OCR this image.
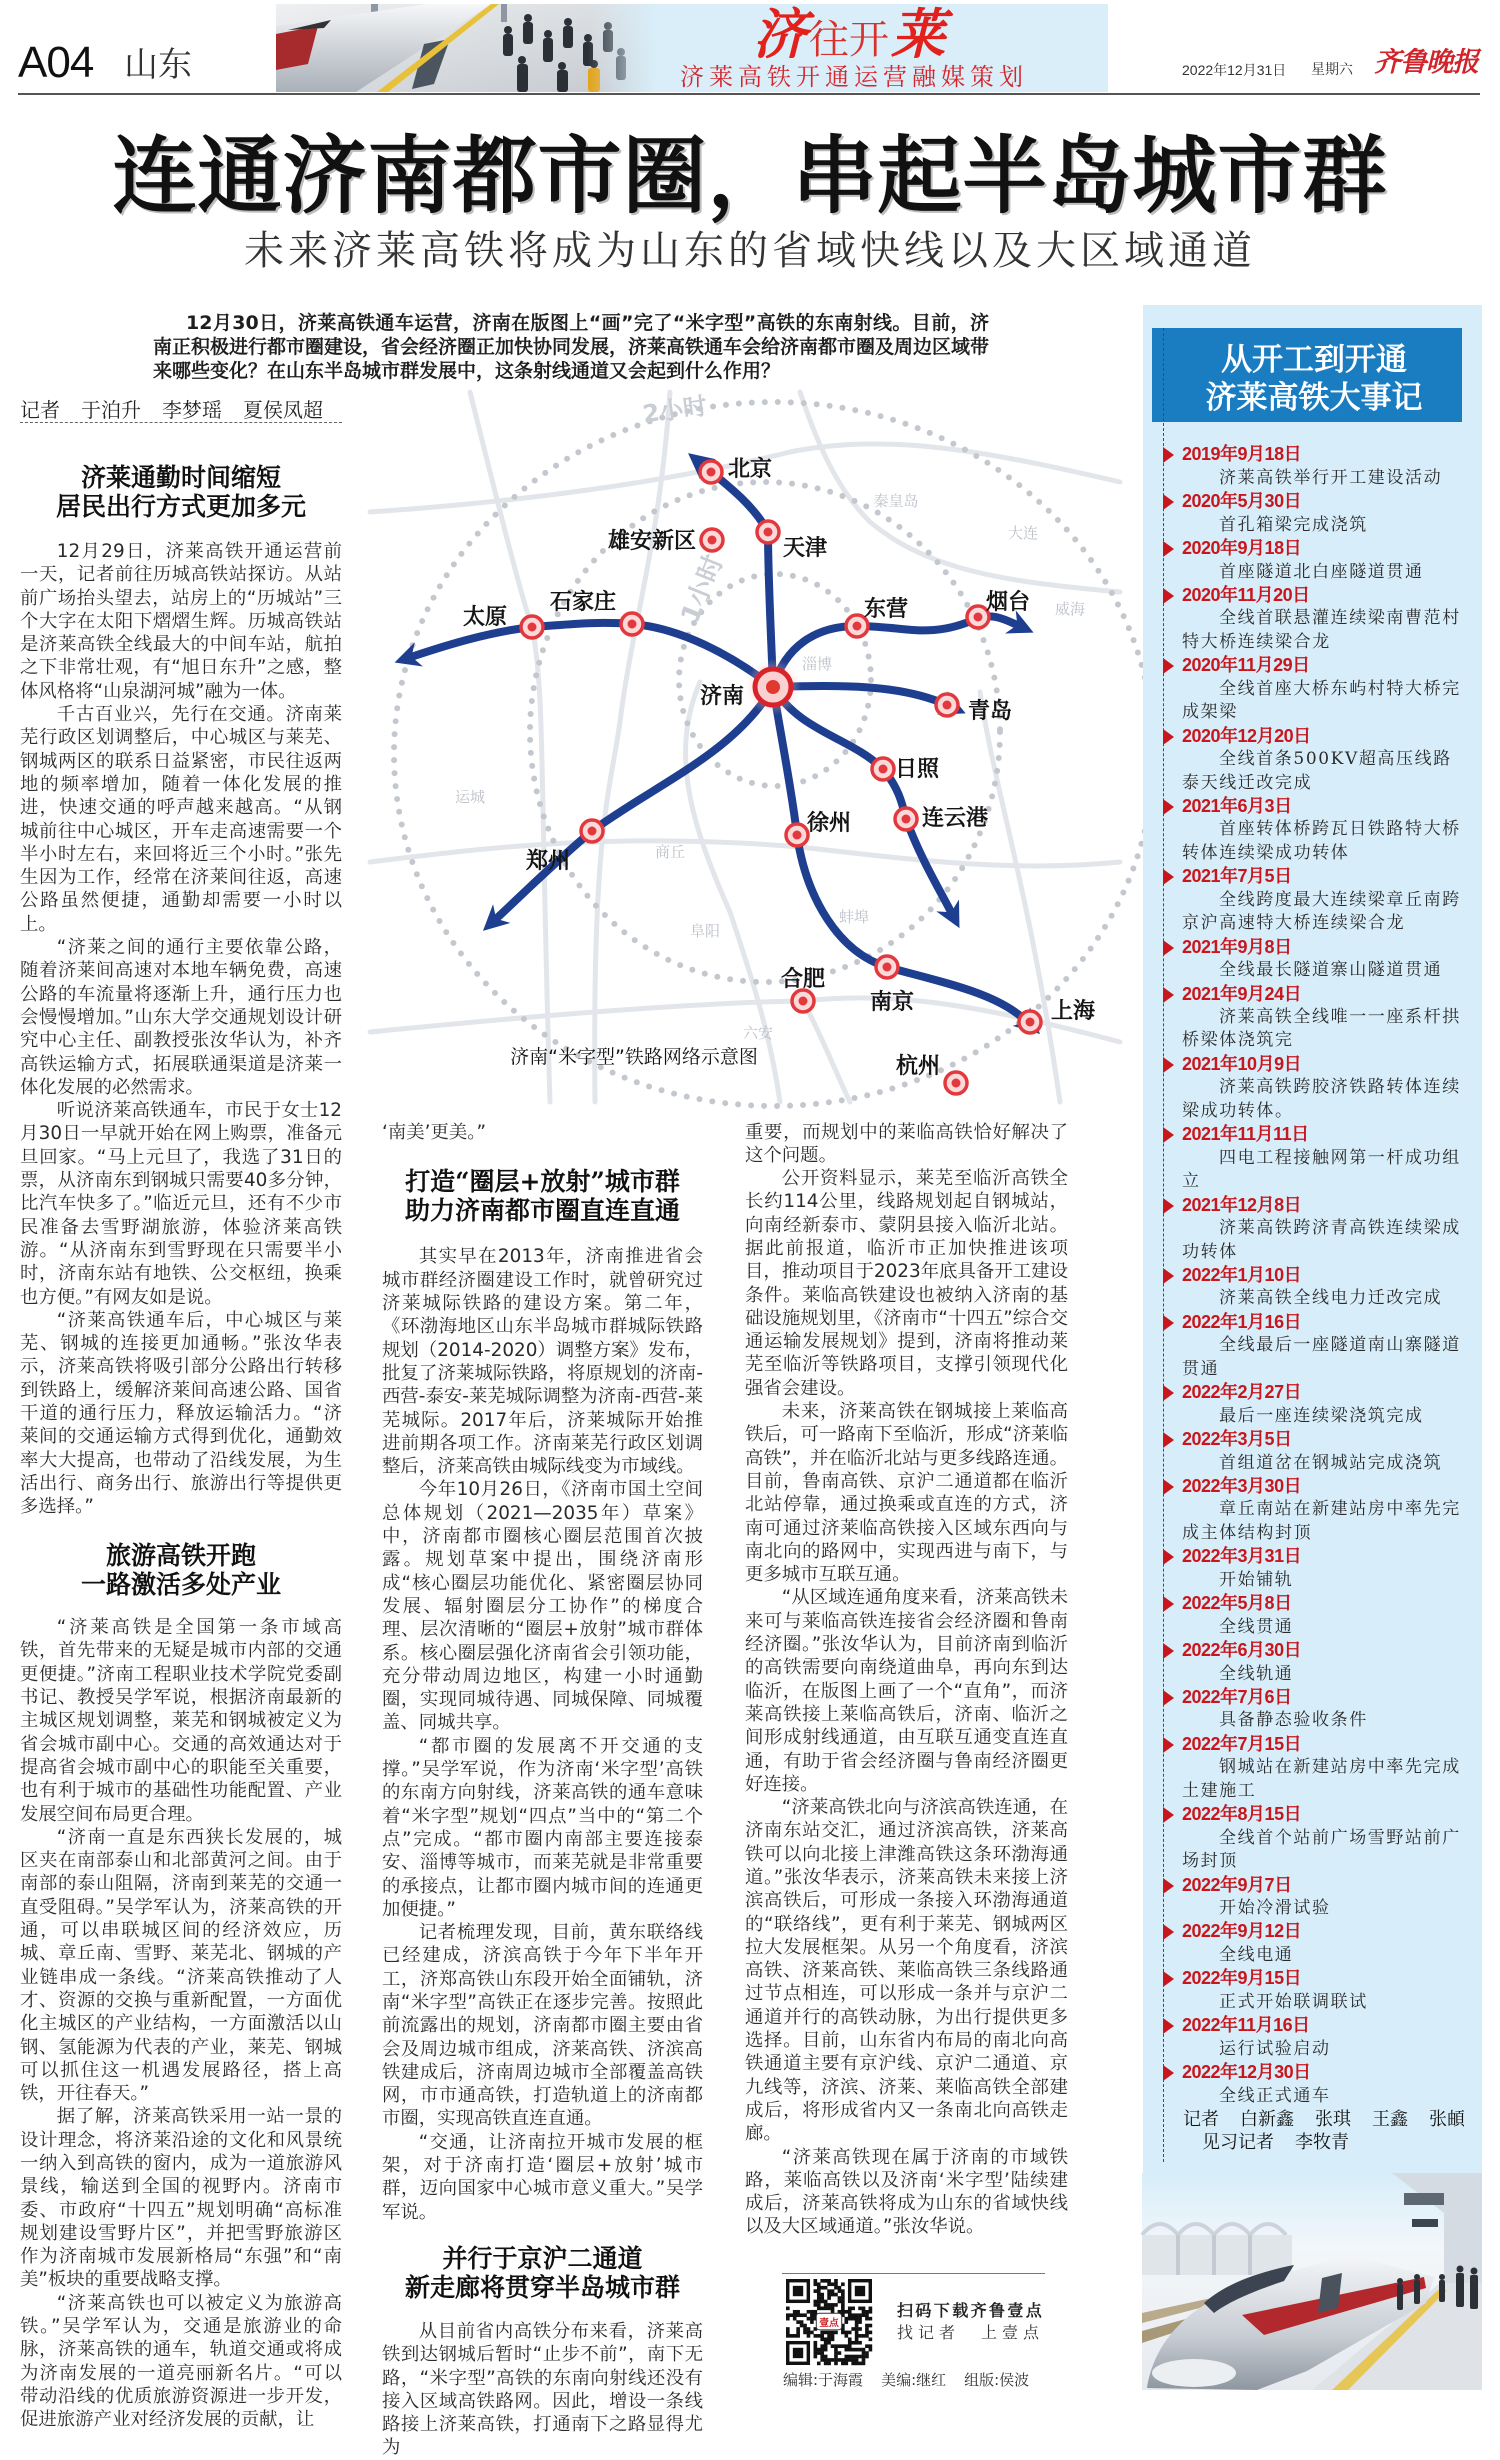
A04 山东	济往开莱
济莱高铁开通运营融媒策划	2022年12月31日 星期六 齐鲁晚报
连通济南都市圈，串起半岛城市群
未来济莱高铁将成为山东的省域快线以及大区域通道

12月30日，济莱高铁通车运营，济南在版图上“画”完了“米字型”高铁的东南射线。目前，济南正积极进行都市圈建设，省会经济圈正加快协同发展，济莱高铁通车会给济南都市圈及周边区域带来哪些变化？在山东半岛城市群发展中，这条射线通道又会起到什么作用？

1小时
2小时
秦皇岛
大连
威海
淄博
商丘
蚌埠
阜阳
六安
运城
北京
天津
雄安新区
石家庄
太原	东营	烟台
济南
青岛
日照
连云港
徐州
郑州
合肥
南京	上海
杭州
济南“米字型”铁路网络示意图
记者 于泊升 李梦瑶 夏侯凤超
济莱通勤时间缩短
居民出行方式更加多元

12月29日，济莱高铁开通运营前一天，记者前往历城高铁站探访。从站前广场抬头望去，站房上的“历城站”三个大字在太阳下熠熠生辉。历城高铁站是济莱高铁全线最大的中间车站，航拍之下非常壮观，有“旭日东升”之感，整体风格将“山泉湖河城”融为一体。

千古百业兴，先行在交通。济南莱芜行政区划调整后，中心城区与莱芜、钢城两区的联系日益紧密，市民往返两地的频率增加，随着一体化发展的推进，快速交通的呼声越来越高。“从钢城前往中心城区，开车走高速需要一个半小时左右，来回将近三个小时。”张先生因为工作，经常在济莱间往返，高速公路虽然便捷，通勤却需要一小时以上。

“济莱之间的通行主要依靠公路，随着济莱间高速对本地车辆免费，高速公路的车流量将逐渐上升，通行压力也会慢慢增加。”山东大学交通规划设计研究中心主任、副教授张汝华认为，补齐高铁运输方式，拓展联通渠道是济莱一体化发展的必然需求。

听说济莱高铁通车，市民于女士12月30日一早就开始在网上购票，准备元旦回家。“马上元旦了，我选了31日的票，从济南东到钢城只需要40多分钟，比汽车快多了。”临近元旦，还有不少市民准备去雪野湖旅游，体验济莱高铁游。“从济南东到雪野现在只需要半小时，济南东站有地铁、公交枢纽，换乘也方便。”有网友如是说。

“济莱高铁通车后，中心城区与莱芜、钢城的连接更加通畅。”张汝华表示，济莱高铁将吸引部分公路出行转移到铁路上，缓解济莱间高速公路、国省干道的通行压力，释放运输活力。“济莱间的交通运输方式得到优化，通勤效率大大提高，也带动了沿线发展，为生活出行、商务出行、旅游出行等提供更多选择。”

旅游高铁开跑
一路激活多处产业

“济莱高铁是全国第一条市域高铁，首先带来的无疑是城市内部的交通更便捷。”济南工程职业技术学院党委副书记、教授吴学军说，根据济南最新的主城区规划调整，莱芜和钢城被定义为省会城市副中心。交通的高效通达对于提高省会城市副中心的职能至关重要，也有利于城市的基础性功能配置、产业发展空间布局更合理。

“济南一直是东西狭长发展的，城区夹在南部泰山和北部黄河之间。由于南部的泰山阻隔，济南到莱芜的交通一直受阻碍。”吴学军认为，济莱高铁的开通，可以串联城区间的经济效应，历城、章丘南、雪野、莱芜北、钢城的产业链串成一条线。“济莱高铁推动了人才、资源的交换与重新配置，一方面优化主城区的产业结构，一方面激活以山钢、氢能源为代表的产业，莱芜、钢城可以抓住这一机遇发展路径，搭上高铁，开往春天。”

据了解，济莱高铁采用一站一景的设计理念，将济莱沿途的文化和风景统一纳入到高铁的窗内，成为一道旅游风景线，输送到全国的视野内。济南市委、市政府“十四五”规划明确“高标准规划建设雪野片区”，并把雪野旅游区作为济南城市发展新格局“东强”和“南美”板块的重要战略支撑。

“济莱高铁也可以被定义为旅游高铁。”吴学军认为，交通是旅游业的命脉，济莱高铁的通车，轨道交通或将成为济南发展的一道亮丽新名片。“可以带动沿线的优质旅游资源进一步开发，促进旅游产业对经济发展的贡献，让

‘南美’更美。”

打造“圈层+放射”城市群
助力济南都市圈直连直通

其实早在2013年，济南推进省会城市群经济圈建设工作时，就曾研究过济莱城际铁路的建设方案。第二年，《环渤海地区山东半岛城市群城际铁路规划（2014-2020）调整方案》发布，批复了济莱城际铁路，将原规划的济南-西营-泰安-莱芜城际调整为济南-西营-莱芜城际。2017年后，济莱城际开始推进前期各项工作。济南莱芜行政区划调整后，济莱高铁由城际线变为市域线。

今年10月26日，《济南市国土空间总体规划（2021—2035年）草案》中，济南都市圈核心圈层范围首次披露。规划草案中提出，围绕济南形成“核心圈层功能优化、紧密圈层协同发展、辐射圈层分工协作”的梯度合理、层次清晰的“圈层+放射”城市群体系。核心圈层强化济南省会引领功能，充分带动周边地区，构建一小时通勤圈，实现同城待遇、同城保障、同城覆盖、同城共享。

“都市圈的发展离不开交通的支撑。”吴学军说，作为济南‘米字型’高铁的东南方向射线，济莱高铁的通车意味着“米字型”规划“四点”当中的“第二个点”完成。“都市圈内南部主要连接泰安、淄博等城市，而莱芜就是非常重要的承接点，让都市圈内城市间的连通更加便捷。”

记者梳理发现，目前，黄东联络线已经建成，济滨高铁于今年下半年开工，济郑高铁山东段开始全面铺轨，济南“米字型”高铁正在逐步完善。按照此前流露出的规划，济南都市圈主要由省会及周边城市组成，济莱高铁、济滨高铁建成后，济南周边城市全部覆盖高铁网，市市通高铁，打造轨道上的济南都市圈，实现高铁直连直通。

“交通，让济南拉开城市发展的框架，对于济南打造‘圈层+放射’城市群，迈向国家中心城市意义重大。”吴学军说。

并行于京沪二通道
新走廊将贯穿半岛城市群

从目前省内高铁分布来看，济莱高铁到达钢城后暂时“止步不前”，南下无路，“米字型”高铁的东南向射线还没有接入区域高铁路网。因此，增设一条线路接上济莱高铁，打通南下之路显得尤为

重要，而规划中的莱临高铁恰好解决了这个问题。

公开资料显示，莱芜至临沂高铁全长约114公里，线路规划起自钢城站，向南经新泰市、蒙阴县接入临沂北站。据此前报道，临沂市正加快推进该项目，推动项目于2023年底具备开工建设条件。莱临高铁建设也被纳入济南的基础设施规划里，《济南市“十四五”综合交通运输发展规划》提到，济南将推动莱芜至临沂等铁路项目，支撑引领现代化强省会建设。

未来，济莱高铁在钢城接上莱临高铁后，可一路南下至临沂，形成“济莱临高铁”，并在临沂北站与更多线路连通。目前，鲁南高铁、京沪二通道都在临沂北站停靠，通过换乘或直连的方式，济南可通过济莱临高铁接入区域东西向与南北向的路网中，实现西进与南下，与更多城市互联互通。

“从区域连通角度来看，济莱高铁未来可与莱临高铁连接省会经济圈和鲁南经济圈。”张汝华认为，目前济南到临沂的高铁需要向南绕道曲阜，再向东到达临沂，在版图上画了一个“直角”，而济莱高铁接上莱临高铁后，济南、临沂之间形成射线通道，由互联互通变直连直通，有助于省会经济圈与鲁南经济圈更好连接。

“济莱高铁北向与济滨高铁连通，在济南东站交汇，通过济滨高铁，济莱高铁可以向北接上津潍高铁这条环渤海通道。”张汝华表示，济莱高铁未来接上济滨高铁后，可形成一条接入环渤海通道的“联络线”，更有利于莱芜、钢城两区拉大发展框架。从另一个角度看，济滨高铁、济莱高铁、莱临高铁三条线路通过节点相连，可以形成一条并与京沪二通道并行的高铁动脉，为出行提供更多选择。目前，山东省内布局的南北向高铁通道主要有京沪线、京沪二通道、京九线等，济滨、济莱、莱临高铁全部建成后，将形成省内又一条南北向高铁走廊。

“济莱高铁现在属于济南的市域铁路，莱临高铁以及济南‘米字型’陆续建成后，济莱高铁将成为山东的省域快线以及大区域通道。”张汝华说。

壹点
扫码下载齐鲁壹点
找记者　上壹点
编辑:于海霞 美编:继红 组版:侯波
从开工到开通
济莱高铁大事记
2019年9月18日
济莱高铁举行开工建设活动
2020年5月30日
首孔箱梁完成浇筑
2020年9月18日
首座隧道北白座隧道贯通
2020年11月20日
全线首联悬灌连续梁南曹范村特大桥连续梁合龙
2020年11月29日
全线首座大桥东屿村特大桥完成架梁
2020年12月20日
全线首条500KV超高压线路泰天线迁改完成
2021年6月3日
首座转体桥跨瓦日铁路特大桥转体连续梁成功转体
2021年7月5日
全线跨度最大连续梁章丘南跨京沪高速特大桥连续梁合龙
2021年9月8日
全线最长隧道寨山隧道贯通
2021年9月24日
济莱高铁全线唯一一座系杆拱桥梁体浇筑完
2021年10月9日
济莱高铁跨胶济铁路转体连续梁成功转体。
2021年11月11日
四电工程接触网第一杆成功组立
2021年12月8日
济莱高铁跨济青高铁连续梁成功转体
2022年1月10日
济莱高铁全线电力迁改完成
2022年1月16日
全线最后一座隧道南山寨隧道贯通
2022年2月27日
最后一座连续梁浇筑完成
2022年3月5日
首组道岔在钢城站完成浇筑
2022年3月30日
章丘南站在新建站房中率先完成主体结构封顶
2022年3月31日
开始铺轨
2022年5月8日
全线贯通
2022年6月30日
全线轨通
2022年7月6日
具备静态验收条件
2022年7月15日
钢城站在新建站房中率先完成土建施工
2022年8月15日
全线首个站前广场雪野站前广场封顶
2022年9月7日
开始冷滑试验
2022年9月12日
全线电通
2022年9月15日
正式开始联调联试
2022年11月16日
运行试验启动
2022年12月30日
全线正式通车
记者 白新鑫 张琪 王鑫 张頔
见习记者 李牧青
